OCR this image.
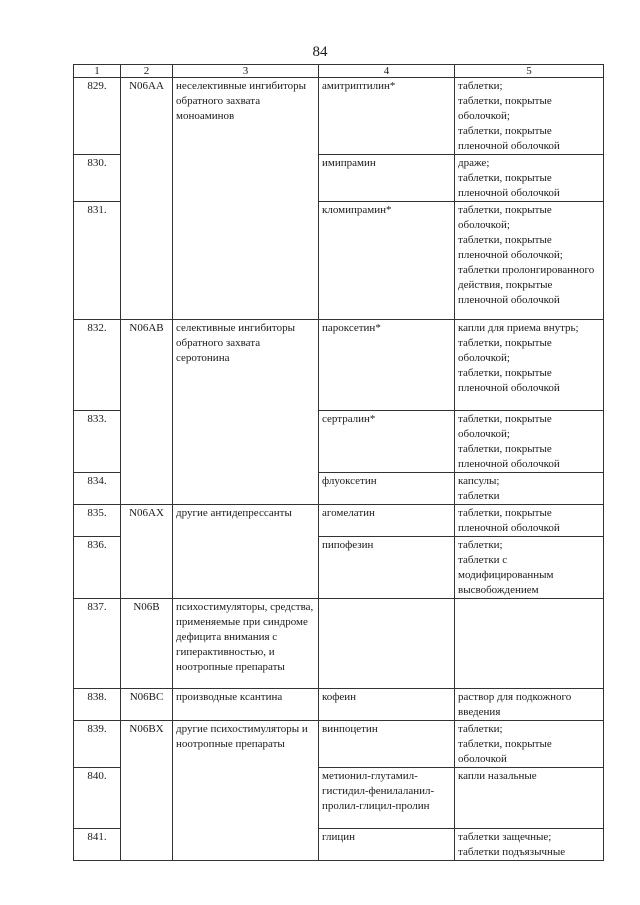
84
1	2	3	4	5
829.	N06AA	неселективные ингибиторы обратного захвата моноаминов	амитриптилин*	таблетки;
таблетки, покрытые оболочкой;
таблетки, покрытые пленочной оболочкой
830.			имипрамин	драже;
таблетки, покрытые пленочной оболочкой
831.			кломипрамин*	таблетки, покрытые оболочкой;
таблетки, покрытые пленочной оболочкой;
таблетки пролонгированного действия, покрытые пленочной оболочкой
832.	N06AB	селективные ингибиторы обратного захвата серотонина	пароксетин*	капли для приема внутрь;
таблетки, покрытые оболочкой;
таблетки, покрытые пленочной оболочкой
833.			сертралин*	таблетки, покрытые оболочкой;
таблетки, покрытые пленочной оболочкой
834.			флуоксетин	капсулы;
таблетки
835.	N06AX	другие антидепрессанты	агомелатин	таблетки, покрытые пленочной оболочкой
836.			пипофезин	таблетки;
таблетки с модифицированным высвобождением
837.	N06B	психостимуляторы, средства, применяемые при синдроме дефицита внимания с гиперактивностью, и ноотропные препараты		
838.	N06BC	производные ксантина	кофеин	раствор для подкожного введения
839.	N06BX	другие психостимуляторы и ноотропные препараты	винпоцетин	таблетки;
таблетки, покрытые оболочкой
840.			метионил-глутамил-гистидил-фенилаланил-пролил-глицил-пролин	капли назальные
841.			глицин	таблетки защечные;
таблетки подъязычные
